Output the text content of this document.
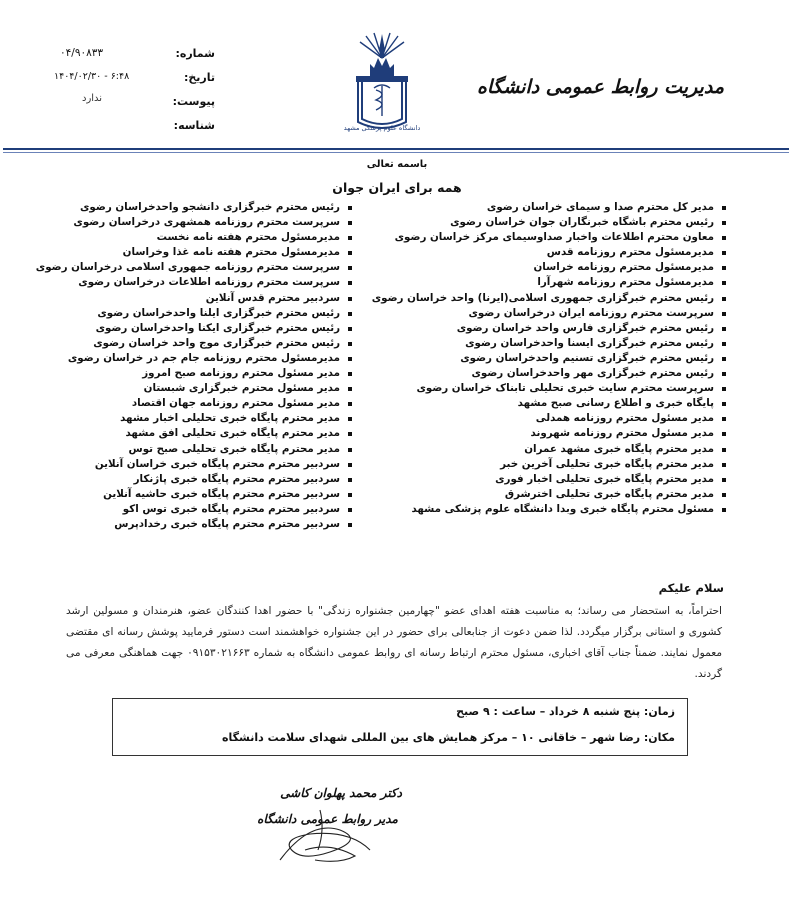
شماره:
۰۴/۹۰۸۳۳
تاریخ:
۱۴۰۴/۰۲/۳۰ - ۶:۴۸
پیوست:
ندارد
شناسه:	دانشگاه علوم پزشکی مشهد
مدیریت روابط عمومی دانشگاه
باسمه تعالی
همه برای ایران جوان
مدیر کل محترم صدا و سیمای خراسان رضوی
رئیس محترم باشگاه خبرنگاران جوان خراسان رضوی
معاون محترم اطلاعات واخبار صداوسیمای مرکز خراسان رضوی
مدیرمسئول محترم روزنامه قدس
مدیرمسئول محترم روزنامه خراسان
مدیرمسئول محترم روزنامه شهرآرا
رئیس محترم خبرگزاری جمهوری اسلامی(ایرنا) واحد خراسان رضوی
سرپرست محترم روزنامه ایران درخراسان رضوی
رئیس محترم خبرگزاری فارس واحد خراسان رضوی
رئیس محترم خبرگزاری ایسنا واحدخراسان رضوی
رئیس محترم خبرگزاری تسنیم واحدخراسان رضوی
رئیس محترم خبرگزاری مهر واحدخراسان رضوی
سرپرست محترم سایت خبری تحلیلی تابناک خراسان رضوی
پایگاه خبری و اطلاع رسانی صبح مشهد
مدیر مسئول محترم روزنامه همدلی
مدیر مسئول محترم روزنامه شهروند
مدیر محترم پایگاه خبری مشهد عمران
مدیر محترم پایگاه خبری تحلیلی آخرین خبر
مدیر محترم پایگاه خبری تحلیلی اخبار فوری
مدیر محترم پایگاه خبری تحلیلی اخترشرق
مسئول محترم پایگاه خبری وبدا دانشگاه علوم پزشکی مشهد
رئیس محترم خبرگزاری دانشجو واحدخراسان رضوی
سرپرست محترم روزنامه همشهری درخراسان رضوی
مدیرمسئول محترم هفته نامه نخست
مدیرمسئول محترم هفته نامه غذا وخراسان
سرپرست محترم روزنامه جمهوری اسلامی درخراسان رضوی
سرپرست محترم روزنامه اطلاعات درخراسان رضوی
سردبیر محترم قدس آنلاین
رئیس محترم خبرگزاری ایلنا واحدخراسان رضوی
رئیس محترم خبرگزاری ایکنا واحدخراسان رضوی
رئیس محترم خبرگزاری موج واحد خراسان رضوی
مدیرمسئول محترم روزنامه جام جم در خراسان رضوی
مدیر مسئول محترم روزنامه صبح امروز
مدیر مسئول محترم خبرگزاری شبستان
مدیر مسئول محترم روزنامه جهان اقتصاد
مدیر محترم پایگاه خبری تحلیلی اخبار مشهد
مدیر محترم پایگاه خبری تحلیلی افق مشهد
مدیر محترم پایگاه خبری تحلیلی صبح توس
سردبیر محترم محترم پایگاه خبری خراسان آنلاین
سردبیر محترم محترم پایگاه خبری پاژنکار
سردبیر محترم محترم پایگاه خبری حاشیه آنلاین
سردبیر محترم محترم پایگاه خبری توس اکو
سردبیر محترم محترم پایگاه خبری رخدادپرس
سلام علیکم
احتراماً، به استحضار می رساند؛ به مناسبت هفته اهدای عضو "چهارمین جشنواره زندگی" با حضور اهدا کنندگان عضو، هنرمندان و مسولین ارشد کشوری و استانی برگزار میگردد. لذا ضمن دعوت از جنابعالی برای حضور در این جشنواره خواهشمند است دستور فرمایید پوشش رسانه ای مقتضی معمول نمایند. ضمناً جناب آقای اخباری، مسئول محترم ارتباط رسانه ای روابط عمومی دانشگاه به شماره ۰۹۱۵۳۰۲۱۶۶۳ جهت هماهنگی معرفی می گردند.
زمان: پنج شنبه ۸ خرداد – ساعت : ۹ صبح
مکان: رضا شهر – خاقانی ۱۰ – مرکز همایش های بین المللی شهدای سلامت دانشگاه
دکتر محمد پهلوان کاشی
مدیر روابط عمومی دانشگاه
